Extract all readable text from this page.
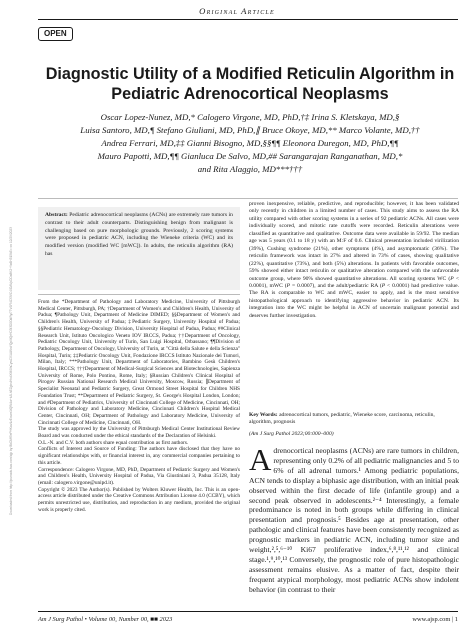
Original Article
OPEN
Downloaded from http://journals.lww.com/ajp by BhDMf5ePHKav1zEoum1tQfN4a+kJLhEZgbsIHo4XMi0hCywCX1AWnYQp/IlQrHD3i3D0OdRyi7TvSFl4Cf3VC4/OAVpDDa8K2+Ya6H515kE= on 12/29/2023
Diagnostic Utility of a Modified Reticulin Algorithm in Pediatric Adrenocortical Neoplasms
Oscar Lopez-Nunez, MD,* Calogero Virgone, MD, PhD,†‡ Irina S. Kletskaya, MD,§
Luisa Santoro, MD,¶ Stefano Giuliani, MD, PhD,∥ Bruce Okoye, MD,** Marco Volante, MD,††
Andrea Ferrari, MD,‡‡ Gianni Bisogno, MD,§§¶¶ Eleonora Duregon, MD, PhD,¶¶
Mauro Papotti, MD,¶¶ Gianluca De Salvo, MD,## Sarangarajan Ranganathan, MD,*
and Rita Alaggio, MD***†††
Abstract: Pediatric adrenocortical neoplasms (ACNs) are extremely rare tumors in contrast to their adult counterparts. Distinguishing benign from malignant is challenging based on pure morphologic grounds. Previously, 2 scoring systems were proposed in pediatric ACN, including the Wieneke criteria (WC) and its modified version (modified WC [mWC]). In adults, the reticulin algorithm (RA) has
proven inexpensive, reliable, predictive, and reproducible; however, it has been validated only recently in children in a limited number of cases. This study aims to assess the RA utility compared with other scoring systems in a series of 92 pediatric ACNs. All cases were individually scored, and mitotic rate cutoffs were recorded. Reticulin alterations were classified as quantitative and qualitative. Outcome data were available in 59/92. The median age was 5 years (0.1 to 18 y) with an M:F of 0.6. Clinical presentation included virilization (39%), Cushing syndrome (21%), other symptoms (4%), and asymptomatic (36%). The reticulin framework was intact in 27% and altered in 73% of cases, showing qualitative (22%), quantitative (73%), and both (5%) alterations. In patients with favorable outcomes, 59% showed either intact reticulin or qualitative alteration compared with the unfavorable outcome group, where 90% showed quantitative alterations. All scoring systems WC (P < 0.0001), mWC (P = 0.0007), and the adult/pediatric RA (P < 0.0001) had predictive value. The RA is comparable to WC and mWC, easier to apply, and is the most sensitive histopathological approach to identifying aggressive behavior in pediatric ACN. Its integration into the WC might be helpful in ACN of uncertain malignant potential and deserves further investigation.
Key Words: adrenocortical tumors, pediatric, Wieneke score, carcinoma, reticulin, algorithm, prognosis
(Am J Surg Pathol 2023;00:000–000)

From the *Department of Pathology and Laboratory Medicine, University of Pittsburgh Medical Center, Pittsburgh, PA; †Department of Women's and Children's Health, University of Padua; ¶Pathology Unit, Department of Medicine DIMED; §§Department of Women's and Children's Health, University of Padua; ‡Pediatric Surgery, University Hospital of Padua; §§Pediatric Hematology-Oncology Division, University Hospital of Padua, Padua; ##Clinical Research Unit, Istituto Oncologico Veneto IOV IRCCS, Padua; ††Department of Oncology, Pediatric Oncology Unit, University of Turin, San Luigi Hospital, Orbassano; ¶¶Division of Pathology, Department of Oncology, University of Turin, at "Città della Salute e della Scienza" Hospital, Turin; ‡‡Pediatric Oncology Unit, Fondazione IRCCS Istituto Nazionale dei Tumori, Milan, Italy; ***Pathology Unit, Department of Laboratories, Bambino Gesù Children's Hospital, IRCCS; †††Department of Medical-Surgical Sciences and Biotechnologies, Sapienza University of Rome, Polo Pontino, Rome, Italy; §Russian Children's Clinical Hospital of Pirogov Russian National Research Medical University, Moscow, Russia; ∥Department of Specialist Neonatal and Pediatric Surgery, Great Ormond Street Hospital for Children NHS Foundation Trust; **Department of Pediatric Surgery, St. George's Hospital London, London; and #Department of Pediatrics, University of Cincinnati College of Medicine, Cincinnati, OH; Division of Pathology and Laboratory Medicine, Cincinnati Children's Hospital Medical Center, Cincinnati, OH; Department of Pathology and Laboratory Medicine, University of Cincinnati College of Medicine, Cincinnati, OH.

The study was approved by the University of Pittsburgh Medical Center Institutional Review Board and was conducted under the ethical standards of the Declaration of Helsinki.

O.L.-N. and C.V. both authors share equal contribution as first authors.

Conflicts of Interest and Source of Funding: The authors have disclosed that they have no significant relationships with, or financial interest in, any commercial companies pertaining to this article.

Correspondence: Calogero Virgone, MD, PhD, Department of Pediatric Surgery and Women's and Children's Health, University Hospital of Padua, Via Giustiniani 3, Padua 35128, Italy (email: calogero.virgone@unipd.it).

Copyright © 2023 The Author(s). Published by Wolters Kluwer Health, Inc. This is an open-access article distributed under the Creative Commons Attribution License 4.0 (CCBY), which permits unrestricted use, distribution, and reproduction in any medium, provided the original work is properly cited.

Adrenocortical neoplasms (ACNs) are rare tumors in children, representing only 0.2% of all pediatric malignancies and 5 to 6% of all adrenal tumors.¹ Among pediatric populations, ACN tends to display a biphasic age distribution, with an initial peak observed within the first decade of life (infantile group) and a second peak observed in adolescents.²⁻⁴ Interestingly, a female predominance is noted in both groups while differing in clinical presentation and prognosis.⁵ Besides age at presentation, other pathologic and clinical features have been consistently recognized as prognostic markers in pediatric ACN, including tumor size and weight,²,⁵,⁶⁻¹⁰ Ki67 proliferative index,⁶,⁸,¹¹,¹² and clinical stage.¹,⁹,¹⁰,¹³ Conversely, the prognostic role of pure histopathologic assessment remains elusive. As a matter of fact, despite their frequent atypical morphology, most pediatric ACNs show indolent behavior (in contrast to their
Am J Surg Pathol • Volume 00, Number 00, ■■ 2023	www.ajsp.com | 1
